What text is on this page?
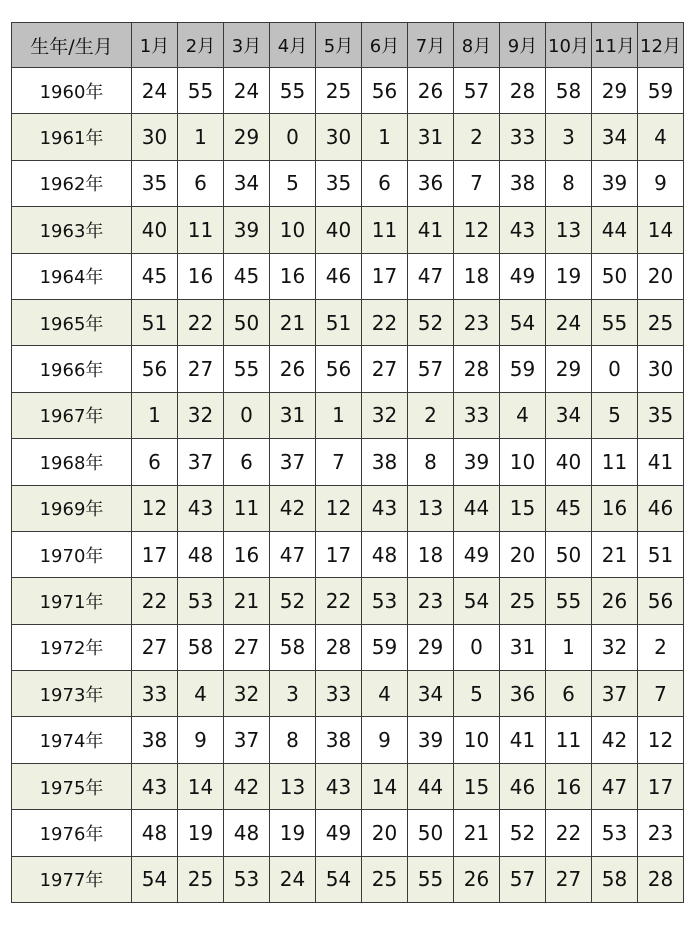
生年/生月	1月	2月	3月	4月	5月	6月	7月	8月	9月	10月	11月	12月
1960年	24	55	24	55	25	56	26	57	28	58	29	59
1961年	30	1	29	0	30	1	31	2	33	3	34	4
1962年	35	6	34	5	35	6	36	7	38	8	39	9
1963年	40	11	39	10	40	11	41	12	43	13	44	14
1964年	45	16	45	16	46	17	47	18	49	19	50	20
1965年	51	22	50	21	51	22	52	23	54	24	55	25
1966年	56	27	55	26	56	27	57	28	59	29	0	30
1967年	1	32	0	31	1	32	2	33	4	34	5	35
1968年	6	37	6	37	7	38	8	39	10	40	11	41
1969年	12	43	11	42	12	43	13	44	15	45	16	46
1970年	17	48	16	47	17	48	18	49	20	50	21	51
1971年	22	53	21	52	22	53	23	54	25	55	26	56
1972年	27	58	27	58	28	59	29	0	31	1	32	2
1973年	33	4	32	3	33	4	34	5	36	6	37	7
1974年	38	9	37	8	38	9	39	10	41	11	42	12
1975年	43	14	42	13	43	14	44	15	46	16	47	17
1976年	48	19	48	19	49	20	50	21	52	22	53	23
1977年	54	25	53	24	54	25	55	26	57	27	58	28
